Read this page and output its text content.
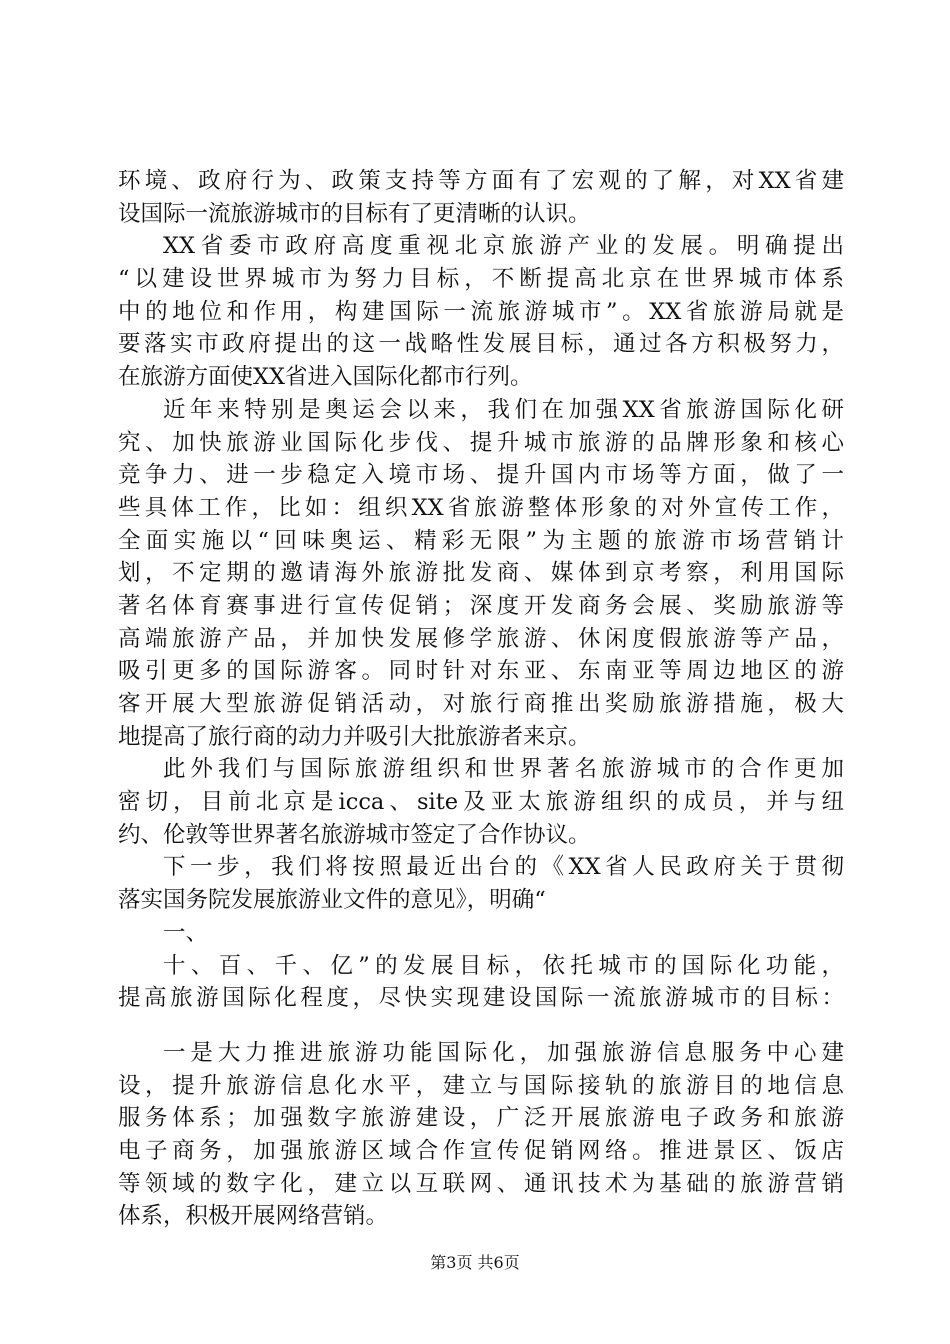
环境、政府行为、政策支持等方面有了宏观的了解，对XX省建
设国际一流旅游城市的目标有了更清晰的认识。
XX省委市政府高度重视北京旅游产业的发展。明确提出
“以建设世界城市为努力目标，不断提高北京在世界城市体系
中的地位和作用，构建国际一流旅游城市”。XX省旅游局就是
要落实市政府提出的这一战略性发展目标，通过各方积极努力，
在旅游方面使XX省进入国际化都市行列。
近年来特别是奥运会以来，我们在加强XX省旅游国际化研
究、加快旅游业国际化步伐、提升城市旅游的品牌形象和核心
竞争力、进一步稳定入境市场、提升国内市场等方面，做了一
些具体工作，比如：组织XX省旅游整体形象的对外宣传工作，
全面实施以“回味奥运、精彩无限”为主题的旅游市场营销计
划，不定期的邀请海外旅游批发商、媒体到京考察，利用国际
著名体育赛事进行宣传促销；深度开发商务会展、奖励旅游等
高端旅游产品，并加快发展修学旅游、休闲度假旅游等产品，
吸引更多的国际游客。同时针对东亚、东南亚等周边地区的游
客开展大型旅游促销活动，对旅行商推出奖励旅游措施，极大
地提高了旅行商的动力并吸引大批旅游者来京。
此外我们与国际旅游组织和世界著名旅游城市的合作更加
密切，目前北京是icca、site及亚太旅游组织的成员，并与纽
约、伦敦等世界著名旅游城市签定了合作协议。
下一步，我们将按照最近出台的《XX省人民政府关于贯彻
落实国务院发展旅游业文件的意见》，明确“
一、
十、百、千、亿”的发展目标，依托城市的国际化功能，
提高旅游国际化程度，尽快实现建设国际一流旅游城市的目标：
一是大力推进旅游功能国际化，加强旅游信息服务中心建
设，提升旅游信息化水平，建立与国际接轨的旅游目的地信息
服务体系；加强数字旅游建设，广泛开展旅游电子政务和旅游
电子商务，加强旅游区域合作宣传促销网络。推进景区、饭店
等领域的数字化，建立以互联网、通讯技术为基础的旅游营销
体系，积极开展网络营销。
第3页 共6页
